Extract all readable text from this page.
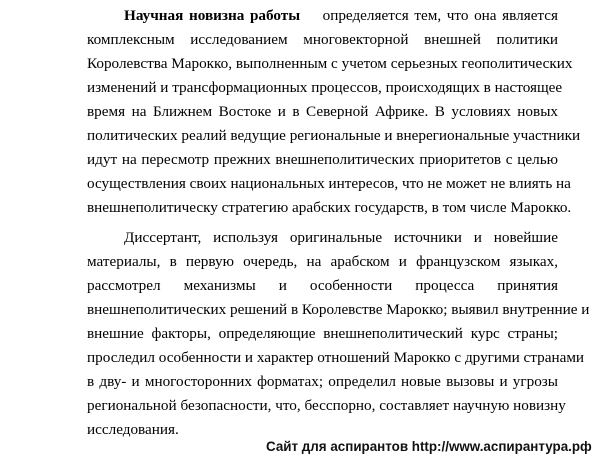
Научная новизна работы определяется тем, что она является
комплексным исследованием многовекторной внешней политики
Королевства Марокко, выполненным с учетом серьезных геополитических
изменений и трансформационных процессов, происходящих в настоящее
время на Ближнем Востоке и в Северной Африке. В условиях новых
политических реалий ведущие региональные и внерегиональные участники
идут на пересмотр прежних внешнеполитических приоритетов с целью
осуществления своих национальных интересов, что не может не влиять на
внешнеполитическу стратегию арабских государств, в том числе Марокко.
Диссертант, используя оригинальные источники и новейшие
материалы, в первую очередь, на арабском и французском языках,
рассмотрел механизмы и особенности процесса принятия
внешнеполитических решений в Королевстве Марокко; выявил внутренние и
внешние факторы, определяющие внешнеполитический курс страны;
проследил особенности и характер отношений Марокко с другими странами
в дву- и многосторонних форматах; определил новые вызовы и угрозы
региональной безопасности, что, бесспорно, составляет научную новизну
исследования.
Сайт для аспирантов http://www.аспирантура.рф
